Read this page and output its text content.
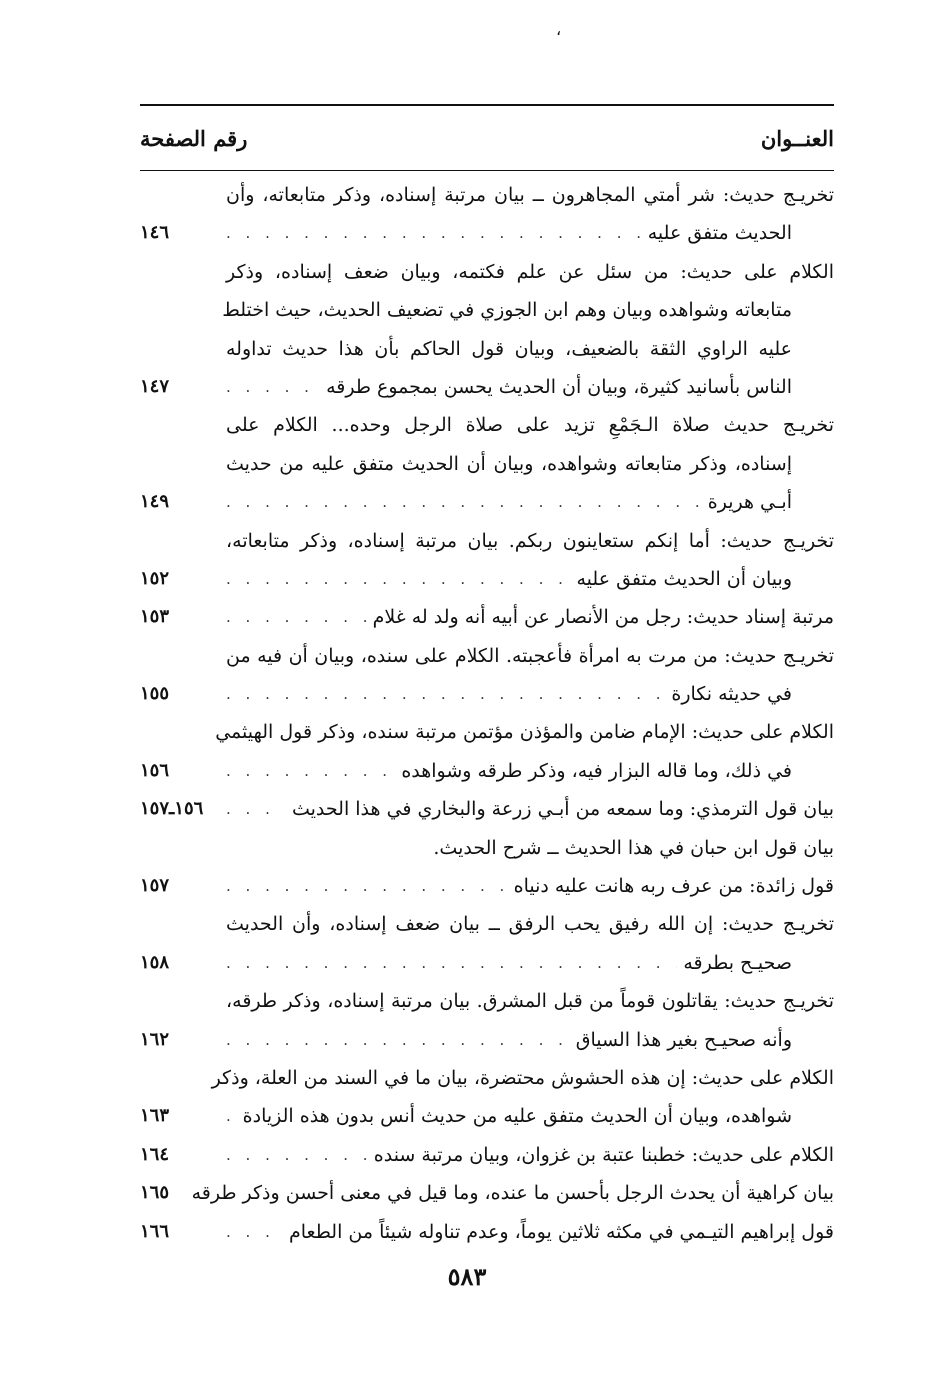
،
العنــوان
رقم الصفحة
تخريـج حديث: شر أمتي المجاهرون ــ بيان مرتبة إسناده، وذكر متابعاته، وأن
الحديث متفق عليه
. . .
١٤٦
الكلام على حديث: من سئل عن علم فكتمه، وبيان ضعف إسناده، وذكر
متابعاته وشواهده وبيان وهم ابن الجوزي في تضعيف الحديث، حيث اختلط
عليه الراوي الثقة بالضعيف، وبيان قول الحاكم بأن هذا حديث تداوله
الناس بأسانيد كثيرة، وبيان أن الحديث يحسن بمجموع طرقه
. . .
١٤٧
تخريـج حديث صلاة الـجَمْعِ تزيد على صلاة الرجل وحده... الكلام على
إسناده، وذكر متابعاته وشواهده، وبيان أن الحديث متفق عليه من حديث
أبـي هريرة
. . .
١٤٩
تخريـج حديث: أما إنكم ستعاينون ربكم. بيان مرتبة إسناده، وذكر متابعاته،
وبيان أن الحديث متفق عليه
. . .
١٥٢
مرتبة إسناد حديث: رجل من الأنصار عن أبيه أنه ولد له غلام
. . .
١٥٣
تخريـج حديث: من مرت به امرأة فأعجبته. الكلام على سنده، وبيان أن فيه من
في حديثه نكارة
. . .
١٥٥
الكلام على حديث: الإمام ضامن والمؤذن مؤتمن مرتبة سنده، وذكر قول الهيثمي
في ذلك، وما قاله البزار فيه، وذكر طرقه وشواهده
. . .
١٥٦
بيان قول الترمذي: وما سمعه من أبـي زرعة والبخاري في هذا الحديث
. . .
١٥٦ـ١٥٧
بيان قول ابن حبان في هذا الحديث ــ شرح الحديث.
قول زائدة: من عرف ربه هانت عليه دنياه
. . .
١٥٧
تخريـج حديث: إن الله رفيق يحب الرفق ــ بيان ضعف إسناده، وأن الحديث
صحيـح بطرقه
. . .
١٥٨
تخريـج حديث: يقاتلون قوماً من قبل المشرق. بيان مرتبة إسناده، وذكر طرقه،
وأنه صحيـح بغير هذا السياق
. . .
١٦٢
الكلام على حديث: إن هذه الحشوش محتضرة، بيان ما في السند من العلة، وذكر
شواهده، وبيان أن الحديث متفق عليه من حديث أنس بدون هذه الزيادة
. . .
١٦٣
الكلام على حديث: خطبنا عتبة بن غزوان، وبيان مرتبة سنده
. . .
١٦٤
بيان كراهية أن يحدث الرجل بأحسن ما عنده، وما قيل في معنى أحسن وذكر طرقه
١٦٥
قول إبراهيم التيـمي في مكثه ثلاثين يوماً، وعدم تناوله شيئاً من الطعام
. . .
١٦٦
٥٨٣
